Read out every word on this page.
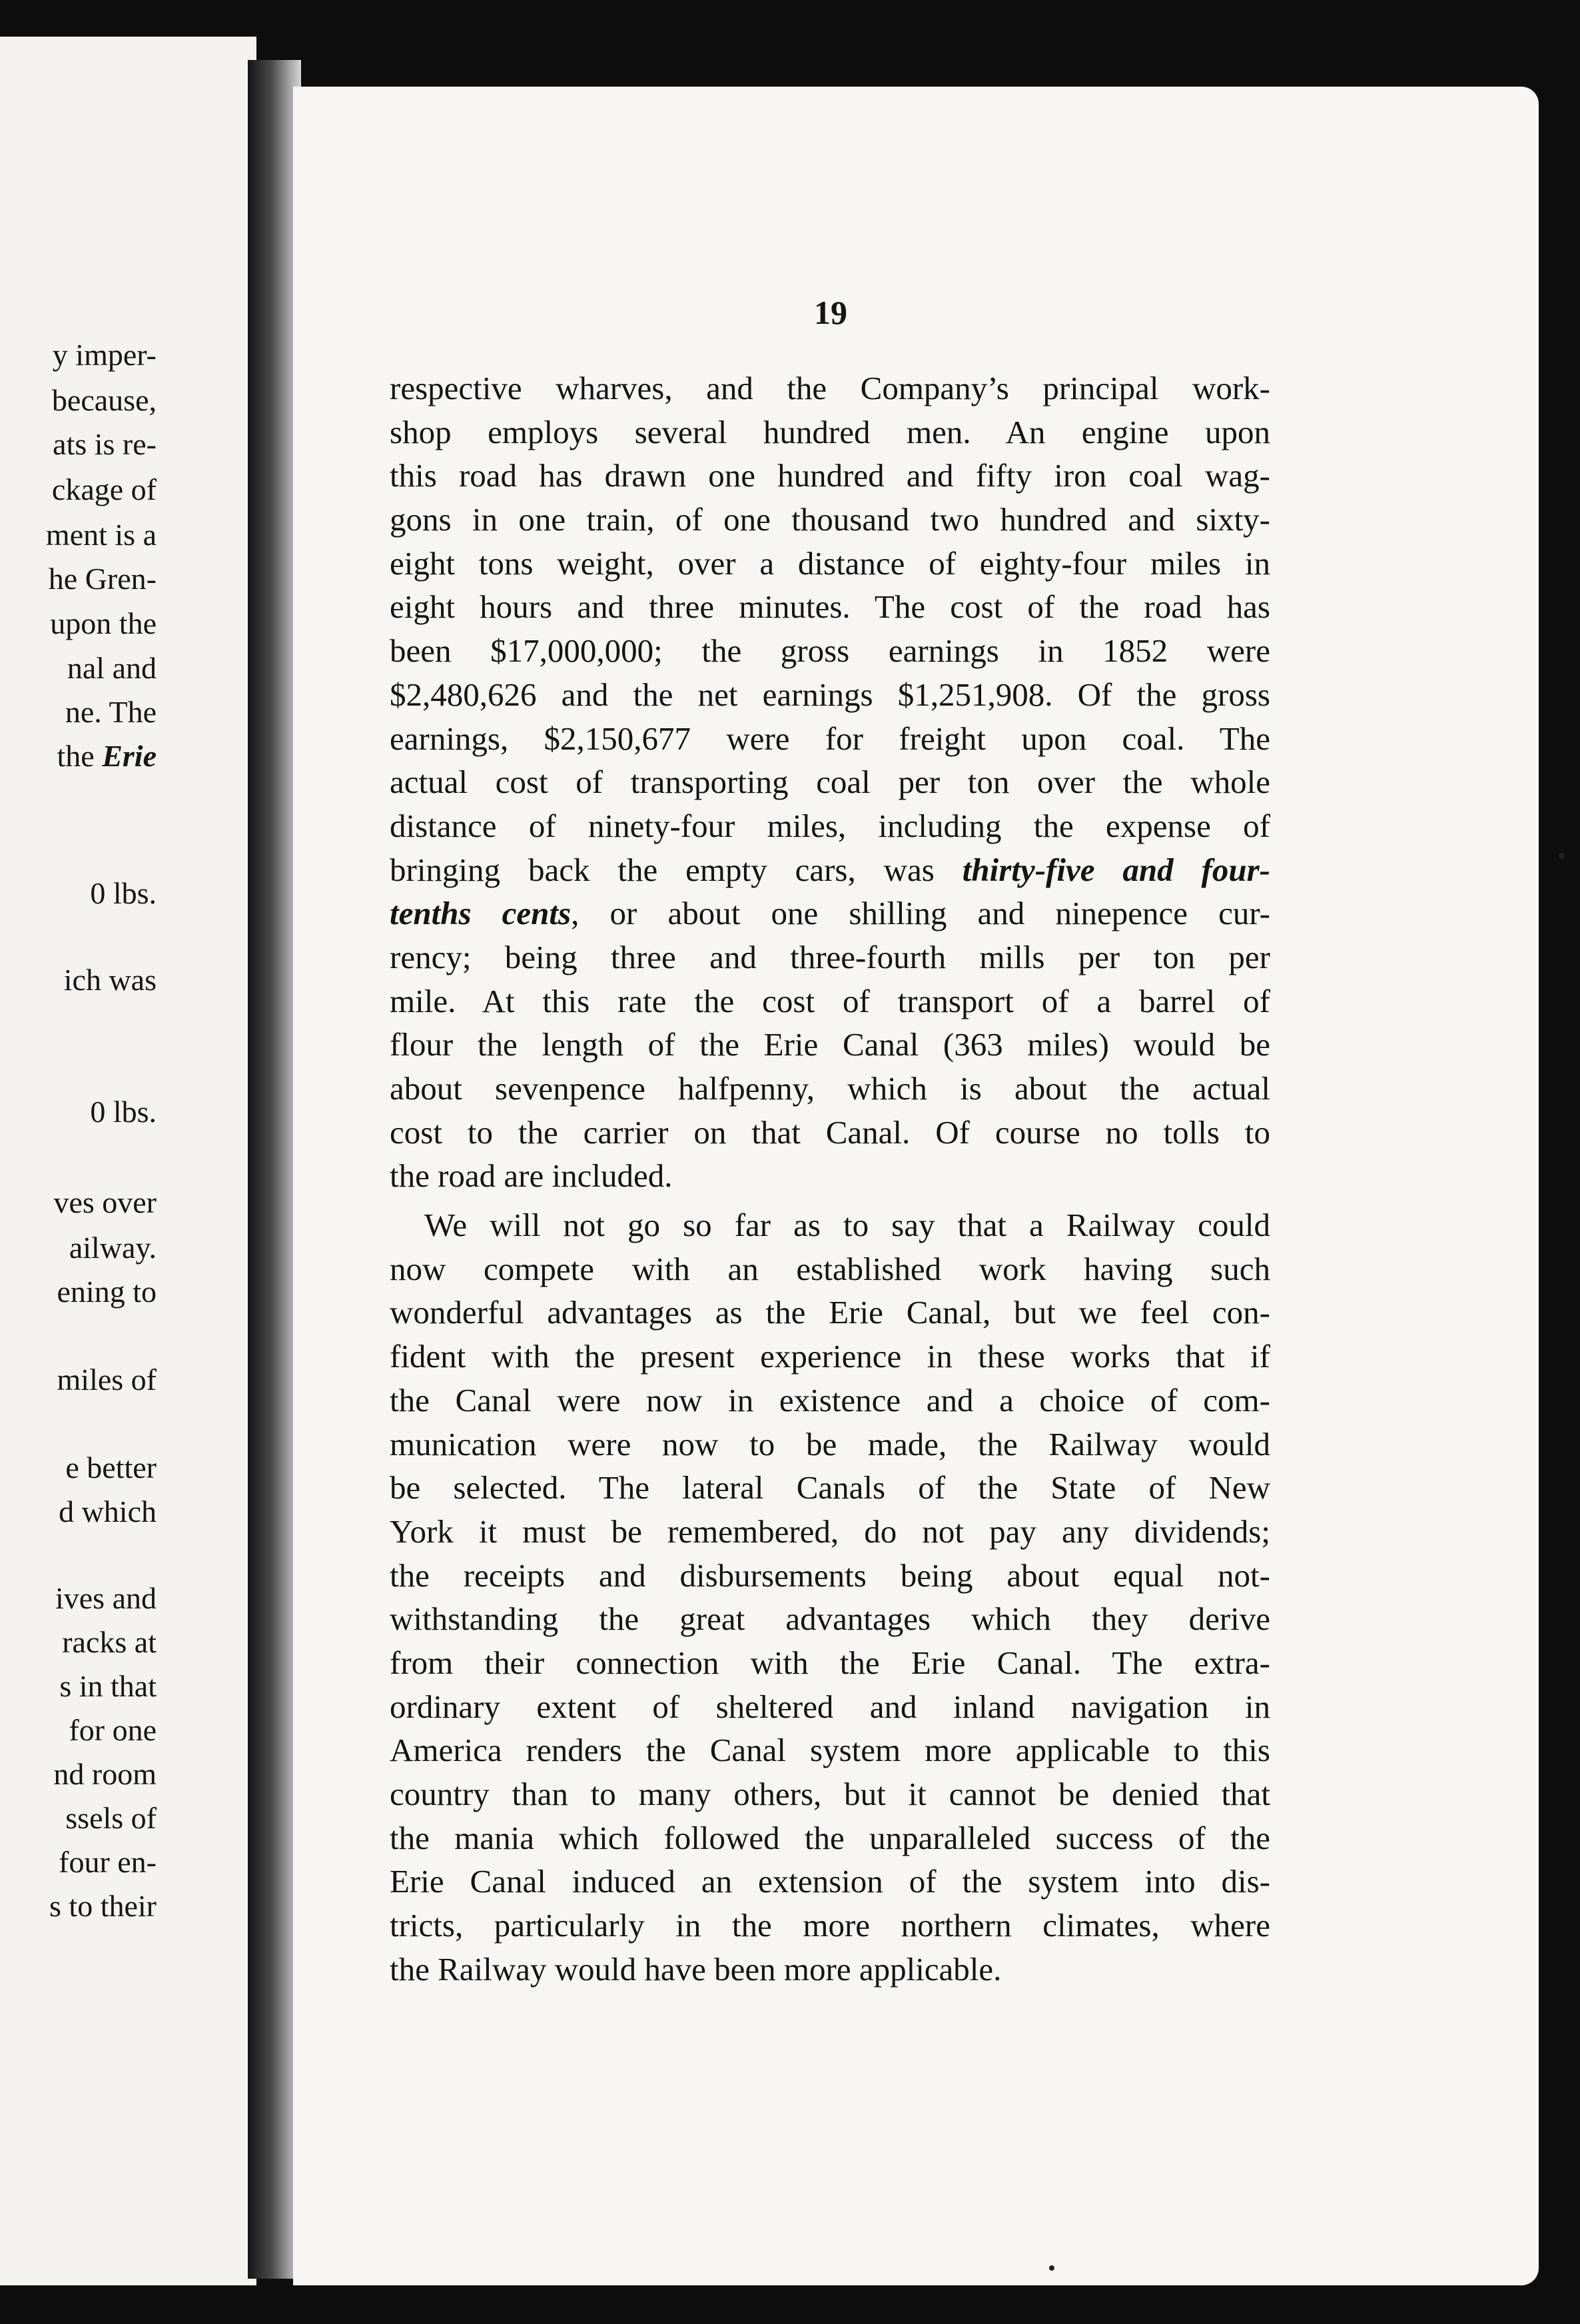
y imper-
because,
ats is re-
ckage of
ment is a
he Gren-
upon the
nal and
ne. The
the Erie
0 lbs.
ich was
0 lbs.
ves over
ailway.
ening to
miles of
e better
d which
ives and
racks at
s in that
for one
nd room
ssels of
four en-
s to their
19
respective wharves, and the Company’s principal work-
shop employs several hundred men. An engine upon
this road has drawn one hundred and fifty iron coal wag-
gons in one train, of one thousand two hundred and sixty-
eight tons weight, over a distance of eighty-four miles in
eight hours and three minutes. The cost of the road has
been $17,000,000; the gross earnings in 1852 were
$2,480,626 and the net earnings $1,251,908. Of the gross
earnings, $2,150,677 were for freight upon coal. The
actual cost of transporting coal per ton over the whole
distance of ninety-four miles, including the expense of
bringing back the empty cars, was thirty-five and four-
tenths cents, or about one shilling and ninepence cur-
rency; being three and three-fourth mills per ton per
mile. At this rate the cost of transport of a barrel of
flour the length of the Erie Canal (363 miles) would be
about sevenpence halfpenny, which is about the actual
cost to the carrier on that Canal. Of course no tolls to
the road are included.
We will not go so far as to say that a Railway could
now compete with an established work having such
wonderful advantages as the Erie Canal, but we feel con-
fident with the present experience in these works that if
the Canal were now in existence and a choice of com-
munication were now to be made, the Railway would
be selected. The lateral Canals of the State of New
York it must be remembered, do not pay any dividends;
the receipts and disbursements being about equal not-
withstanding the great advantages which they derive
from their connection with the Erie Canal. The extra-
ordinary extent of sheltered and inland navigation in
America renders the Canal system more applicable to this
country than to many others, but it cannot be denied that
the mania which followed the unparalleled success of the
Erie Canal induced an extension of the system into dis-
tricts, particularly in the more northern climates, where
the Railway would have been more applicable.
